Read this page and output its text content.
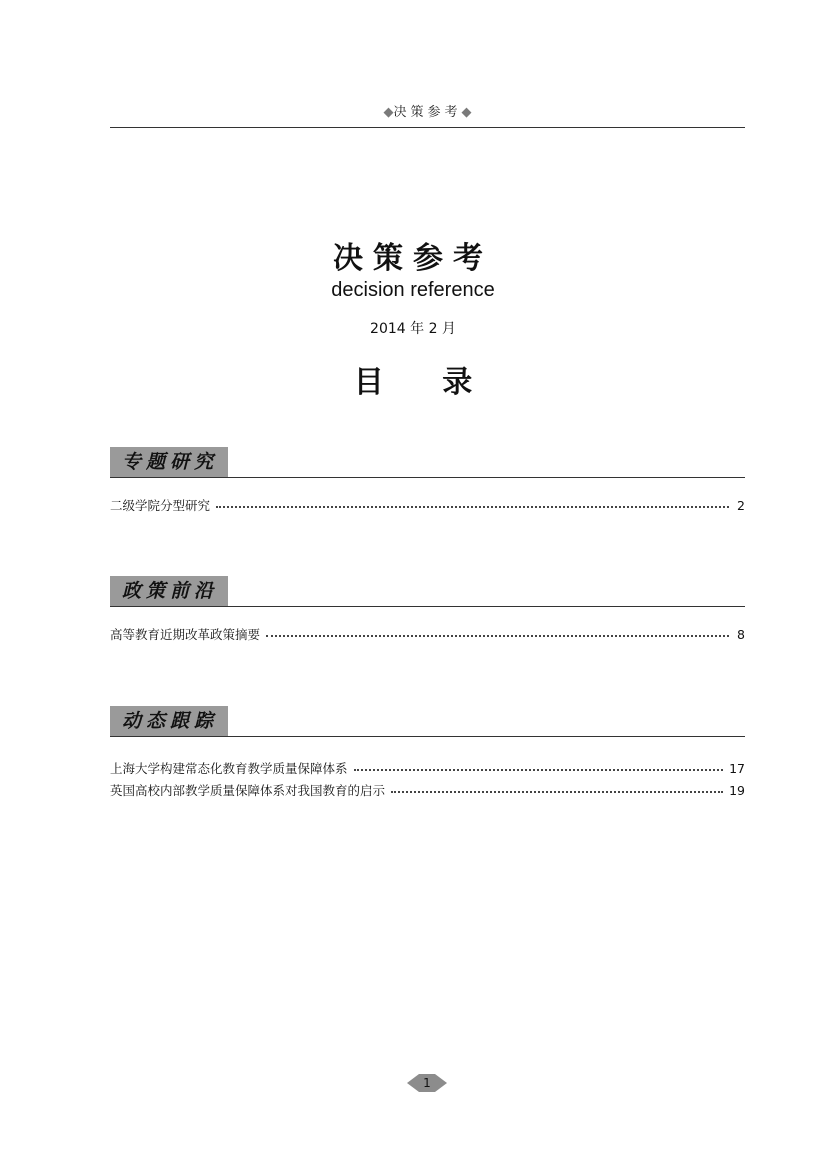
◆决策参考◆
决策参考
decision reference
2014 年 2 月
目 录
专题研究
二级学院分型研究	2
政策前沿
高等教育近期改革政策摘要	8
动态跟踪
上海大学构建常态化教育教学质量保障体系	17
英国高校内部教学质量保障体系对我国教育的启示	19
1
